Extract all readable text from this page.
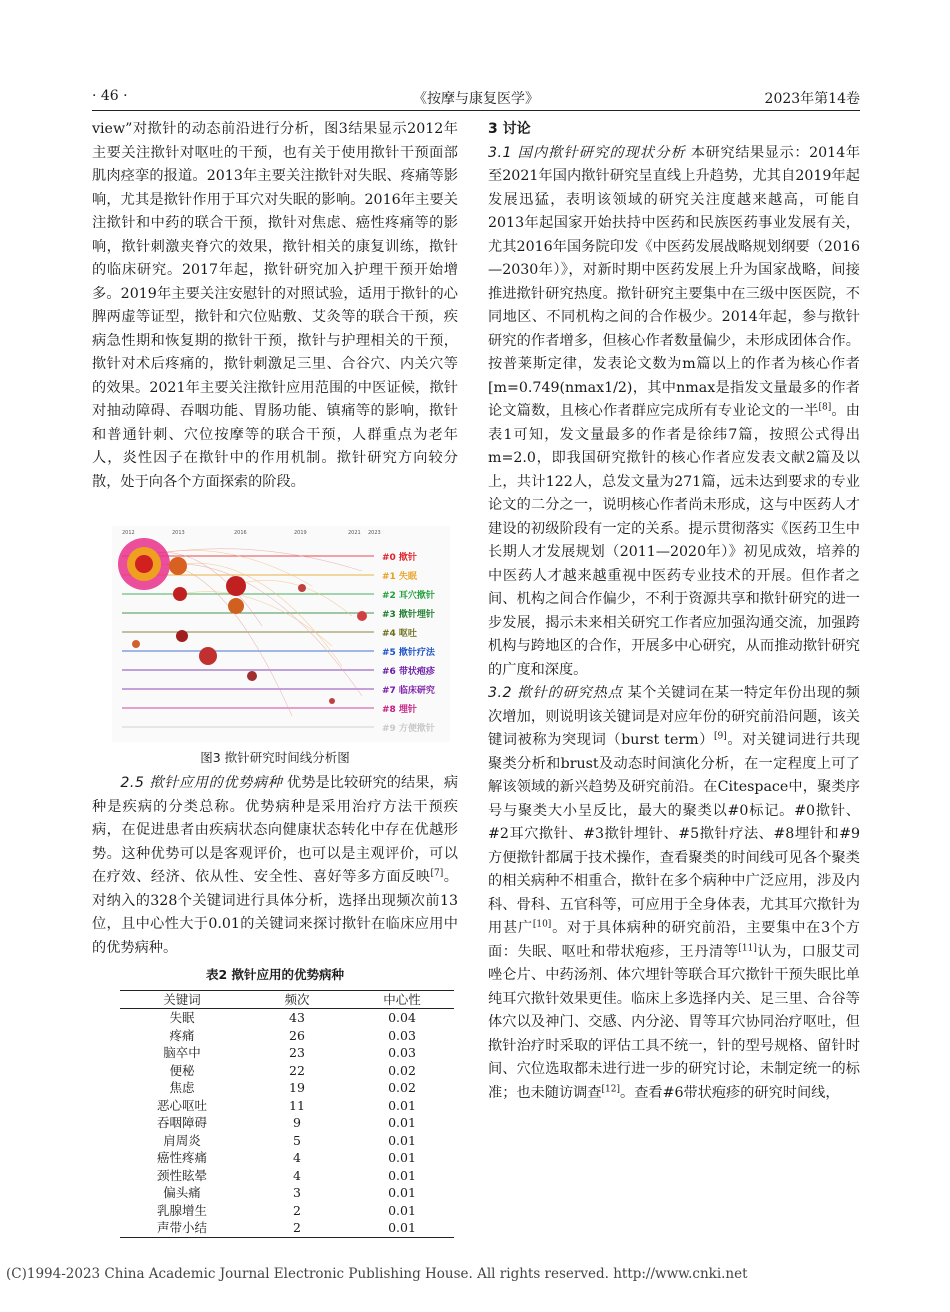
· 46 ·	《按摩与康复医学》	2023年第14卷

view”对揿针的动态前沿进行分析，图3结果显示2012年主要关注揿针对呕吐的干预，也有关于使用揿针干预面部肌肉痉挛的报道。2013年主要关注揿针对失眠、疼痛等影响，尤其是揿针作用于耳穴对失眠的影响。2016年主要关注揿针和中药的联合干预，揿针对焦虑、癌性疼痛等的影响，揿针刺激夹脊穴的效果，揿针相关的康复训练，揿针的临床研究。2017年起，揿针研究加入护理干预开始增多。2019年主要关注安慰针的对照试验，适用于揿针的心脾两虚等证型，揿针和穴位贴敷、艾灸等的联合干预，疾病急性期和恢复期的揿针干预，揿针与护理相关的干预，揿针对术后疼痛的，揿针刺激足三里、合谷穴、内关穴等的效果。2021年主要关注揿针应用范围的中医证候，揿针对抽动障碍、吞咽功能、胃肠功能、镇痛等的影响，揿针和普通针刺、穴位按摩等的联合干预，人群重点为老年人，炎性因子在揿针中的作用机制。揿针研究方向较分散，处于向各个方面探索的阶段。

2012	2013	2016	2019	2021 2023
#0 揿针
#1 失眠
#2 耳穴揿针
#3 揿针埋针
#4 呕吐
#5 揿针疗法
#6 带状疱疹
#7 临床研究
#8 埋针
#9 方便揿针
图3 揿针研究时间线分析图

2.5 揿针应用的优势病种 优势是比较研究的结果，病种是疾病的分类总称。优势病种是采用治疗方法干预疾病，在促进患者由疾病状态向健康状态转化中存在优越形势。这种优势可以是客观评价，也可以是主观评价，可以在疗效、经济、依从性、安全性、喜好等多方面反映[7]。对纳入的328个关键词进行具体分析，选择出现频次前13位，且中心性大于0.01的关键词来探讨揿针在临床应用中的优势病种。

表2 揿针应用的优势病种
关键词	频次	中心性
失眠	43	0.04
疼痛	26	0.03
脑卒中	23	0.03
便秘	22	0.02
焦虑	19	0.02
恶心呕吐	11	0.01
吞咽障碍	9	0.01
肩周炎	5	0.01
癌性疼痛	4	0.01
颈性眩晕	4	0.01
偏头痛	3	0.01
乳腺增生	2	0.01
声带小结	2	0.01

3 讨论

3.1 国内揿针研究的现状分析 本研究结果显示：2014年至2021年国内揿针研究呈直线上升趋势，尤其自2019年起发展迅猛，表明该领域的研究关注度越来越高，可能自2013年起国家开始扶持中医药和民族医药事业发展有关，尤其2016年国务院印发《中医药发展战略规划纲要（2016—2030年）》，对新时期中医药发展上升为国家战略，间接推进揿针研究热度。揿针研究主要集中在三级中医医院，不同地区、不同机构之间的合作极少。2014年起，参与揿针研究的作者增多，但核心作者数量偏少，未形成团体合作。按普莱斯定律，发表论文数为m篇以上的作者为核心作者[m=0.749(nmax1/2)，其中nmax是指发文量最多的作者论文篇数，且核心作者群应完成所有专业论文的一半[8]。由表1可知，发文量最多的作者是徐纬7篇，按照公式得出m=2.0，即我国研究揿针的核心作者应发表文献2篇及以上，共计122人，总发文量为271篇，远未达到要求的专业论文的二分之一，说明核心作者尚未形成，这与中医药人才建设的初级阶段有一定的关系。提示贯彻落实《医药卫生中长期人才发展规划（2011—2020年）》初见成效，培养的中医药人才越来越重视中医药专业技术的开展。但作者之间、机构之间合作偏少，不利于资源共享和揿针研究的进一步发展，揭示未来相关研究工作者应加强沟通交流，加强跨机构与跨地区的合作，开展多中心研究，从而推动揿针研究的广度和深度。

3.2 揿针的研究热点 某个关键词在某一特定年份出现的频次增加，则说明该关键词是对应年份的研究前沿问题，该关键词被称为突现词（burst term）[9]。对关键词进行共现聚类分析和brust及动态时间演化分析，在一定程度上可了解该领域的新兴趋势及研究前沿。在Citespace中，聚类序号与聚类大小呈反比，最大的聚类以#0标记。#0揿针、#2耳穴揿针、#3揿针埋针、#5揿针疗法、#8埋针和#9方便揿针都属于技术操作，查看聚类的时间线可见各个聚类的相关病种不相重合，揿针在多个病种中广泛应用，涉及内科、骨科、五官科等，可应用于全身体表，尤其耳穴揿针为用甚广[10]。对于具体病种的研究前沿，主要集中在3个方面：失眠、呕吐和带状疱疹，王丹清等[11]认为，口服艾司唑仑片、中药汤剂、体穴埋针等联合耳穴揿针干预失眠比单纯耳穴揿针效果更佳。临床上多选择内关、足三里、合谷等体穴以及神门、交感、内分泌、胃等耳穴协同治疗呕吐，但揿针治疗时采取的评估工具不统一，针的型号规格、留针时间、穴位选取都未进行进一步的研究讨论，未制定统一的标准；也未随访调查[12]。查看#6带状疱疹的研究时间线，

(C)1994-2023 China Academic Journal Electronic Publishing House. All rights reserved. http://www.cnki.net
